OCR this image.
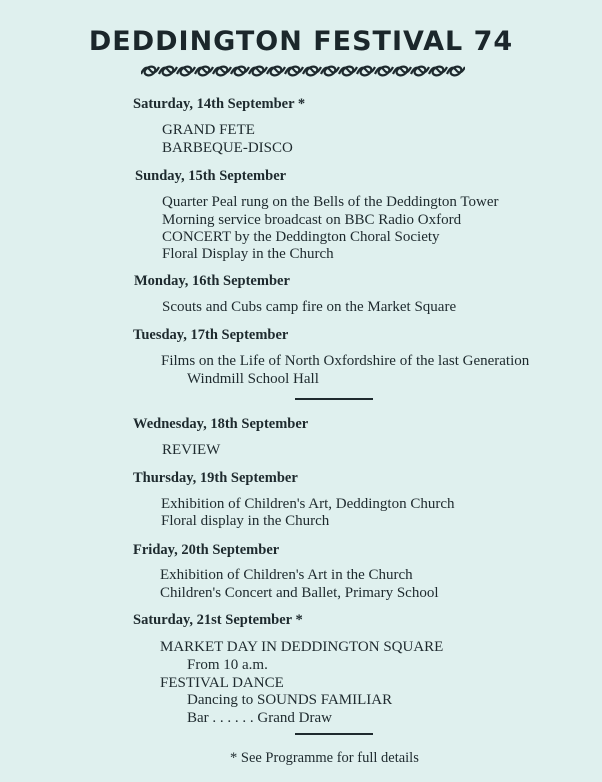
DEDDINGTON FESTIVAL 74
Saturday, 14th September *
GRAND FETE
BARBEQUE-DISCO
Sunday, 15th September
Quarter Peal rung on the Bells of the Deddington Tower
Morning service broadcast on BBC Radio Oxford
CONCERT by the Deddington Choral Society
Floral Display in the Church
Monday, 16th September
Scouts and Cubs camp fire on the Market Square
Tuesday, 17th September
Films on the Life of North Oxfordshire of the last Generation
Windmill School Hall
Wednesday, 18th September
REVIEW
Thursday, 19th September
Exhibition of Children's Art, Deddington Church
Floral display in the Church
Friday, 20th September
Exhibition of Children's Art in the Church
Children's Concert and Ballet, Primary School
Saturday, 21st September *
MARKET DAY IN DEDDINGTON SQUARE
From 10 a.m.
FESTIVAL DANCE
Dancing to SOUNDS FAMILIAR
Bar . . . . . . Grand Draw
* See Programme for full details
